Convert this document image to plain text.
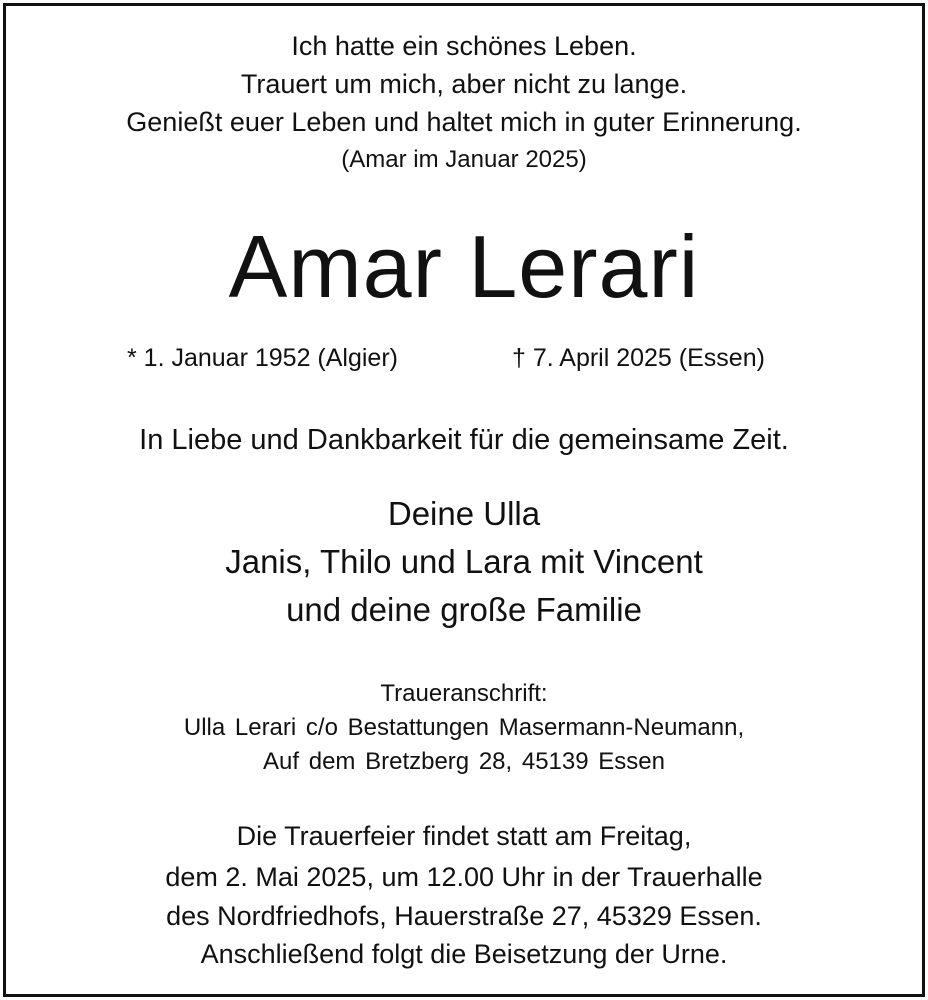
Ich hatte ein schönes Leben.
Trauert um mich, aber nicht zu lange.
Genießt euer Leben und haltet mich in guter Erinnerung.
(Amar im Januar 2025)
Amar Lerari
* 1. Januar 1952 (Algier)	† 7. April 2025 (Essen)
In Liebe und Dankbarkeit für die gemeinsame Zeit.
Deine Ulla
Janis, Thilo und Lara mit Vincent
und deine große Familie
Traueranschrift:
Ulla Lerari c/o Bestattungen Masermann-Neumann,
Auf dem Bretzberg 28, 45139 Essen
Die Trauerfeier findet statt am Freitag,
dem 2. Mai 2025, um 12.00 Uhr in der Trauerhalle
des Nordfriedhofs, Hauerstraße 27, 45329 Essen.
Anschließend folgt die Beisetzung der Urne.
